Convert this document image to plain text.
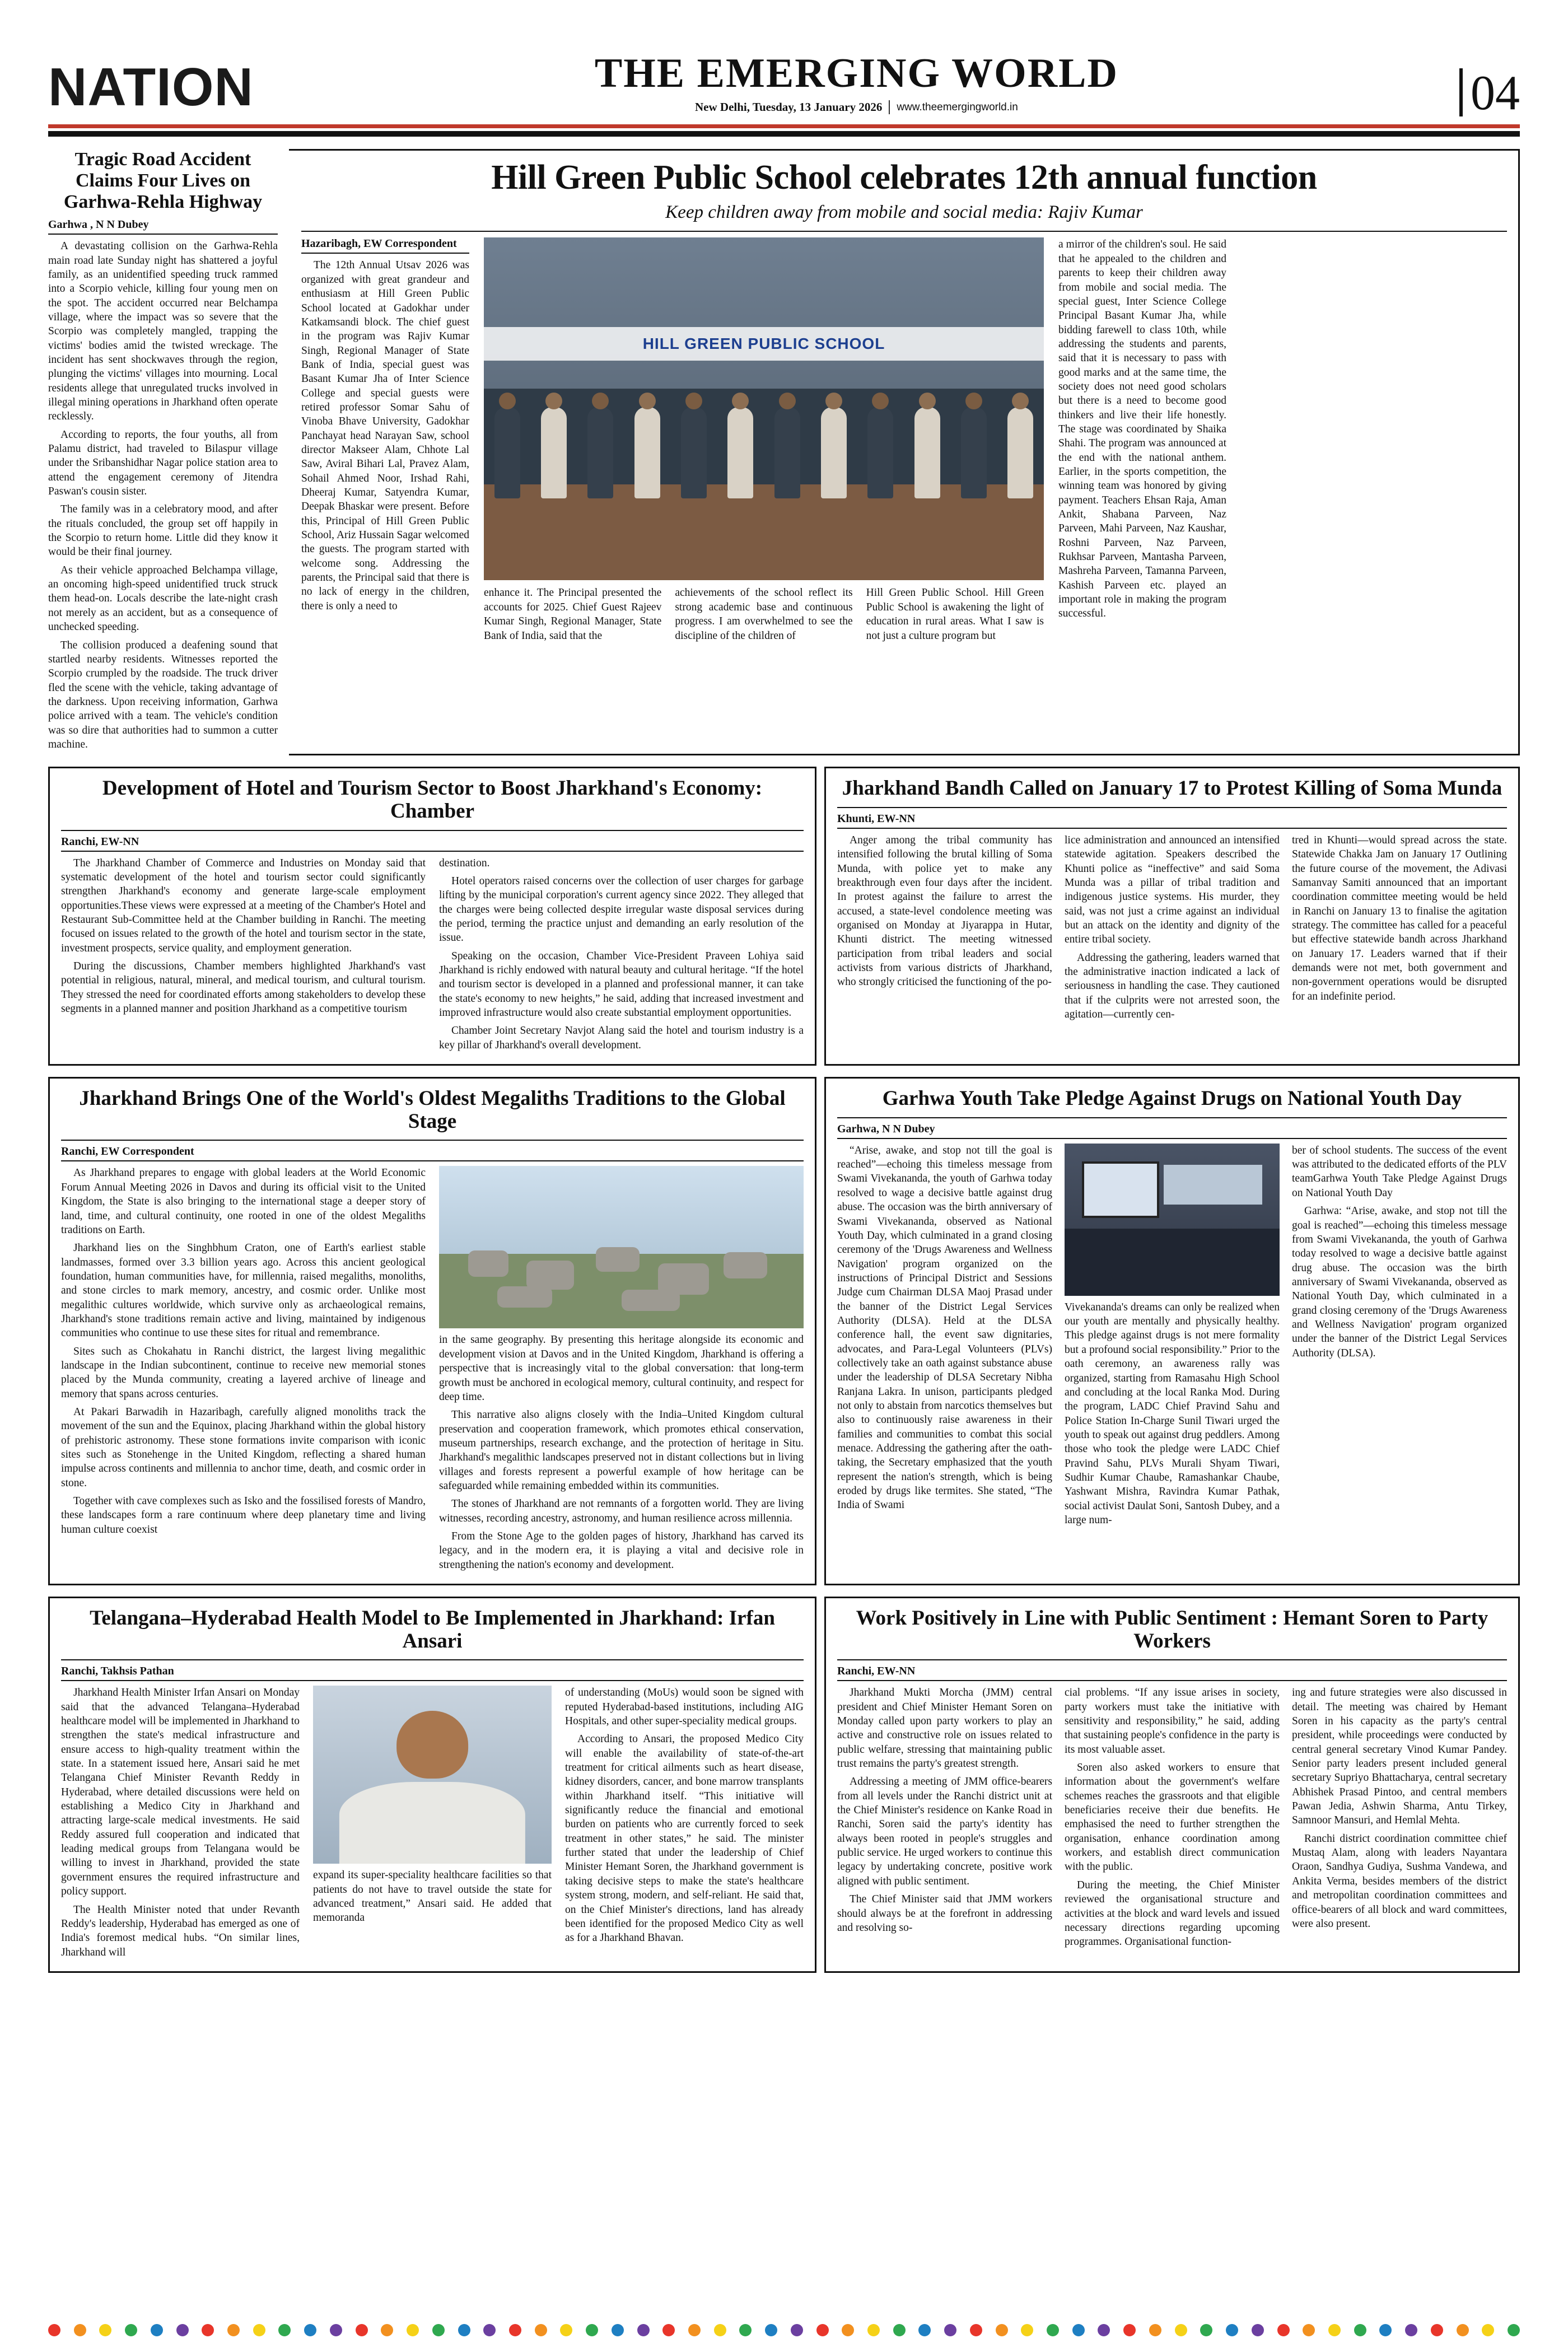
NATION	THE EMERGING WORLD
New Delhi, Tuesday, 13 January 2026	www.theemergingworld.in	04
Tragic Road Accident Claims Four Lives on Garhwa-Rehla Highway
Garhwa , N N Dubey

A devastating collision on the Garhwa-Rehla main road late Sunday night has shattered a joyful family, as an unidentified speeding truck rammed into a Scorpio vehicle, killing four young men on the spot. The accident occurred near Belchampa village, where the impact was so severe that the Scorpio was completely mangled, trapping the victims' bodies amid the twisted wreckage. The incident has sent shockwaves through the region, plunging the victims' villages into mourning. Local residents allege that unregulated trucks involved in illegal mining operations in Jharkhand often operate recklessly.

According to reports, the four youths, all from Palamu district, had traveled to Bilaspur village under the Sribanshidhar Nagar police station area to attend the engagement ceremony of Jitendra Paswan's cousin sister.

The family was in a celebratory mood, and after the rituals concluded, the group set off happily in the Scorpio to return home. Little did they know it would be their final journey.

As their vehicle approached Belchampa village, an oncoming high-speed unidentified truck struck them head-on. Locals describe the late-night crash not merely as an accident, but as a consequence of unchecked speeding.

The collision produced a deafening sound that startled nearby residents. Witnesses reported the Scorpio crumpled by the roadside. The truck driver fled the scene with the vehicle, taking advantage of the darkness. Upon receiving information, Garhwa police arrived with a team. The vehicle's condition was so dire that authorities had to summon a cutter machine.

Hill Green Public School celebrates 12th annual function
Keep children away from mobile and social media: Rajiv Kumar
Hazaribagh, EW Correspondent

The 12th Annual Utsav 2026 was organized with great grandeur and enthusiasm at Hill Green Public School located at Gadokhar under Katkamsandi block. The chief guest in the program was Rajiv Kumar Singh, Regional Manager of State Bank of India, special guest was Basant Kumar Jha of Inter Science College and special guests were retired professor Somar Sahu of Vinoba Bhave University, Gadokhar Panchayat head Narayan Saw, school director Makseer Alam, Chhote Lal Saw, Aviral Bihari Lal, Pravez Alam, Sohail Ahmed Noor, Irshad Rahi, Dheeraj Kumar, Satyendra Kumar, Deepak Bhaskar were present. Before this, Principal of Hill Green Public School, Ariz Hussain Sagar welcomed the guests. The program started with welcome song. Addressing the parents, the Principal said that there is no lack of energy in the children, there is only a need to

HILL GREEN PUBLIC SCHOOL

enhance it. The Principal presented the accounts for 2025. Chief Guest Rajeev Kumar Singh, Regional Manager, State Bank of India, said that the

achievements of the school reflect its strong academic base and continuous progress. I am overwhelmed to see the discipline of the children of

Hill Green Public School. Hill Green Public School is awakening the light of education in rural areas. What I saw is not just a culture program but

a mirror of the children's soul. He said that he appealed to the children and parents to keep their children away from mobile and social media. The special guest, Inter Science College Principal Basant Kumar Jha, while bidding farewell to class 10th, while addressing the students and parents, said that it is necessary to pass with good marks and at the same time, the society does not need good scholars but there is a need to become good thinkers and live their life honestly. The stage was coordinated by Shaika Shahi. The program was announced at the end with the national anthem. Earlier, in the sports competition, the winning team was honored by giving payment. Teachers Ehsan Raja, Aman Ankit, Shabana Parveen, Naz Parveen, Mahi Parveen, Naz Kaushar, Roshni Parveen, Naz Parveen, Rukhsar Parveen, Mantasha Parveen, Mashreha Parveen, Tamanna Parveen, Kashish Parveen etc. played an important role in making the program successful.

Development of Hotel and Tourism Sector to Boost Jharkhand's Economy: Chamber
Ranchi, EW-NN

The Jharkhand Chamber of Commerce and Industries on Monday said that systematic development of the hotel and tourism sector could significantly strengthen Jharkhand's economy and generate large-scale employment opportunities.These views were expressed at a meeting of the Chamber's Hotel and Restaurant Sub-Committee held at the Chamber building in Ranchi. The meeting focused on issues related to the growth of the hotel and tourism sector in the state, investment prospects, service quality, and employment generation.

During the discussions, Chamber members highlighted Jharkhand's vast potential in religious, natural, mineral, and medical tourism, and cultural tourism. They stressed the need for coordinated efforts among stakeholders to develop these segments in a planned manner and position Jharkhand as a competitive tourism

destination.

Hotel operators raised concerns over the collection of user charges for garbage lifting by the municipal corporation's current agency since 2022. They alleged that the charges were being collected despite irregular waste disposal services during the period, terming the practice unjust and demanding an early resolution of the issue.

Speaking on the occasion, Chamber Vice-President Praveen Lohiya said Jharkhand is richly endowed with natural beauty and cultural heritage. “If the hotel and tourism sector is developed in a planned and professional manner, it can take the state's economy to new heights,” he said, adding that increased investment and improved infrastructure would also create substantial employment opportunities.

Chamber Joint Secretary Navjot Alang said the hotel and tourism industry is a key pillar of Jharkhand's overall development.

Jharkhand Bandh Called on January 17 to Protest Killing of Soma Munda
Khunti, EW-NN

Anger among the tribal community has intensified following the brutal killing of Soma Munda, with police yet to make any breakthrough even four days after the incident. In protest against the failure to arrest the accused, a state-level condolence meeting was organised on Monday at Jiyarappa in Hutar, Khunti district. The meeting witnessed participation from tribal leaders and social activists from various districts of Jharkhand, who strongly criticised the functioning of the po-

lice administration and announced an intensified statewide agitation. Speakers described the Khunti police as “ineffective” and said Soma Munda was a pillar of tribal tradition and indigenous justice systems. His murder, they said, was not just a crime against an individual but an attack on the identity and dignity of the entire tribal society.

Addressing the gathering, leaders warned that the administrative inaction indicated a lack of seriousness in handling the case. They cautioned that if the culprits were not arrested soon, the agitation—currently cen-

tred in Khunti—would spread across the state. Statewide Chakka Jam on January 17 Outlining the future course of the movement, the Adivasi Samanvay Samiti announced that an important coordination committee meeting would be held in Ranchi on January 13 to finalise the agitation strategy. The committee has called for a peaceful but effective statewide bandh across Jharkhand on January 17. Leaders warned that if their demands were not met, both government and non-government operations would be disrupted for an indefinite period.

Jharkhand Brings One of the World's Oldest Megaliths Traditions to the Global Stage
Ranchi, EW Correspondent

As Jharkhand prepares to engage with global leaders at the World Economic Forum Annual Meeting 2026 in Davos and during its official visit to the United Kingdom, the State is also bringing to the international stage a deeper story of land, time, and cultural continuity, one rooted in one of the oldest Megaliths traditions on Earth.

Jharkhand lies on the Singhbhum Craton, one of Earth's earliest stable landmasses, formed over 3.3 billion years ago. Across this ancient geological foundation, human communities have, for millennia, raised megaliths, monoliths, and stone circles to mark memory, ancestry, and cosmic order. Unlike most megalithic cultures worldwide, which survive only as archaeological remains, Jharkhand's stone traditions remain active and living, maintained by indigenous communities who continue to use these sites for ritual and remembrance.

Sites such as Chokahatu in Ranchi district, the largest living megalithic landscape in the Indian subcontinent, continue to receive new memorial stones placed by the Munda community, creating a layered archive of lineage and memory that spans across centuries.

At Pakari Barwadih in Hazaribagh, carefully aligned monoliths track the movement of the sun and the Equinox, placing Jharkhand within the global history of prehistoric astronomy. These stone formations invite comparison with iconic sites such as Stonehenge in the United Kingdom, reflecting a shared human impulse across continents and millennia to anchor time, death, and cosmic order in stone.

Together with cave complexes such as Isko and the fossilised forests of Mandro, these landscapes form a rare continuum where deep planetary time and living human culture coexist

in the same geography. By presenting this heritage alongside its economic and development vision at Davos and in the United Kingdom, Jharkhand is offering a perspective that is increasingly vital to the global conversation: that long-term growth must be anchored in ecological memory, cultural continuity, and respect for deep time.

This narrative also aligns closely with the India–United Kingdom cultural preservation and cooperation framework, which promotes ethical conservation, museum partnerships, research exchange, and the protection of heritage in Situ. Jharkhand's megalithic landscapes preserved not in distant collections but in living villages and forests represent a powerful example of how heritage can be safeguarded while remaining embedded within its communities.

The stones of Jharkhand are not remnants of a forgotten world. They are living witnesses, recording ancestry, astronomy, and human resilience across millennia.

From the Stone Age to the golden pages of history, Jharkhand has carved its legacy, and in the modern era, it is playing a vital and decisive role in strengthening the nation's economy and development.

Garhwa Youth Take Pledge Against Drugs on National Youth Day
Garhwa, N N Dubey

“Arise, awake, and stop not till the goal is reached”—echoing this timeless message from Swami Vivekananda, the youth of Garhwa today resolved to wage a decisive battle against drug abuse. The occasion was the birth anniversary of Swami Vivekananda, observed as National Youth Day, which culminated in a grand closing ceremony of the 'Drugs Awareness and Wellness Navigation' program organized on the instructions of Principal District and Sessions Judge cum Chairman DLSA Maoj Prasad under the banner of the District Legal Services Authority (DLSA). Held at the DLSA conference hall, the event saw dignitaries, advocates, and Para-Legal Volunteers (PLVs) collectively take an oath against substance abuse under the leadership of DLSA Secretary Nibha Ranjana Lakra. In unison, participants pledged not only to abstain from narcotics themselves but also to continuously raise awareness in their families and communities to combat this social menace. Addressing the gathering after the oath-taking, the Secretary emphasized that the youth represent the nation's strength, which is being eroded by drugs like termites. She stated, “The India of Swami

Vivekananda's dreams can only be realized when our youth are mentally and physically healthy. This pledge against drugs is not mere formality but a profound social responsibility.” Prior to the oath ceremony, an awareness rally was organized, starting from Ramasahu High School and concluding at the local Ranka Mod. During the program, LADC Chief Pravind Sahu and Police Station In-Charge Sunil Tiwari urged the youth to speak out against drug peddlers. Among those who took the pledge were LADC Chief Pravind Sahu, PLVs Murali Shyam Tiwari, Sudhir Kumar Chaube, Ramashankar Chaube, Yashwant Mishra, Ravindra Kumar Pathak, social activist Daulat Soni, Santosh Dubey, and a large num-

ber of school students. The success of the event was attributed to the dedicated efforts of the PLV teamGarhwa Youth Take Pledge Against Drugs on National Youth Day

Garhwa: “Arise, awake, and stop not till the goal is reached”—echoing this timeless message from Swami Vivekananda, the youth of Garhwa today resolved to wage a decisive battle against drug abuse. The occasion was the birth anniversary of Swami Vivekananda, observed as National Youth Day, which culminated in a grand closing ceremony of the 'Drugs Awareness and Wellness Navigation' program organized under the banner of the District Legal Services Authority (DLSA).

Telangana–Hyderabad Health Model to Be Implemented in Jharkhand: Irfan Ansari
Ranchi, Takhsis Pathan

Jharkhand Health Minister Irfan Ansari on Monday said that the advanced Telangana–Hyderabad healthcare model will be implemented in Jharkhand to strengthen the state's medical infrastructure and ensure access to high-quality treatment within the state. In a statement issued here, Ansari said he met Telangana Chief Minister Revanth Reddy in Hyderabad, where detailed discussions were held on establishing a Medico City in Jharkhand and attracting large-scale medical investments. He said Reddy assured full cooperation and indicated that leading medical groups from Telangana would be willing to invest in Jharkhand, provided the state government ensures the required infrastructure and policy support.

The Health Minister noted that under Revanth Reddy's leadership, Hyderabad has emerged as one of India's foremost medical hubs. “On similar lines, Jharkhand will

expand its super-speciality healthcare facilities so that patients do not have to travel outside the state for advanced treatment,” Ansari said. He added that memoranda

of understanding (MoUs) would soon be signed with reputed Hyderabad-based institutions, including AIG Hospitals, and other super-speciality medical groups.

According to Ansari, the proposed Medico City will enable the availability of state-of-the-art treatment for critical ailments such as heart disease, kidney disorders, cancer, and bone marrow transplants within Jharkhand itself. “This initiative will significantly reduce the financial and emotional burden on patients who are currently forced to seek treatment in other states,” he said. The minister further stated that under the leadership of Chief Minister Hemant Soren, the Jharkhand government is taking decisive steps to make the state's healthcare system strong, modern, and self-reliant. He said that, on the Chief Minister's directions, land has already been identified for the proposed Medico City as well as for a Jharkhand Bhavan.

Work Positively in Line with Public Sentiment : Hemant Soren to Party Workers
Ranchi, EW-NN

Jharkhand Mukti Morcha (JMM) central president and Chief Minister Hemant Soren on Monday called upon party workers to play an active and constructive role on issues related to public welfare, stressing that maintaining public trust remains the party's greatest strength.

Addressing a meeting of JMM office-bearers from all levels under the Ranchi district unit at the Chief Minister's residence on Kanke Road in Ranchi, Soren said the party's identity has always been rooted in people's struggles and public service. He urged workers to continue this legacy by undertaking concrete, positive work aligned with public sentiment.

The Chief Minister said that JMM workers should always be at the forefront in addressing and resolving so-

cial problems. “If any issue arises in society, party workers must take the initiative with sensitivity and responsibility,” he said, adding that sustaining people's confidence in the party is its most valuable asset.

Soren also asked workers to ensure that information about the government's welfare schemes reaches the grassroots and that eligible beneficiaries receive their due benefits. He emphasised the need to further strengthen the organisation, enhance coordination among workers, and establish direct communication with the public.

During the meeting, the Chief Minister reviewed the organisational structure and activities at the block and ward levels and issued necessary directions regarding upcoming programmes. Organisational function-

ing and future strategies were also discussed in detail. The meeting was chaired by Hemant Soren in his capacity as the party's central president, while proceedings were conducted by central general secretary Vinod Kumar Pandey. Senior party leaders present included general secretary Supriyo Bhattacharya, central secretary Abhishek Prasad Pintoo, and central members Pawan Jedia, Ashwin Sharma, Antu Tirkey, Samnoor Mansuri, and Hemlal Mehta.

Ranchi district coordination committee chief Mustaq Alam, along with leaders Nayantara Oraon, Sandhya Gudiya, Sushma Vandewa, and Ankita Verma, besides members of the district and metropolitan coordination committees and office-bearers of all block and ward committees, were also present.
